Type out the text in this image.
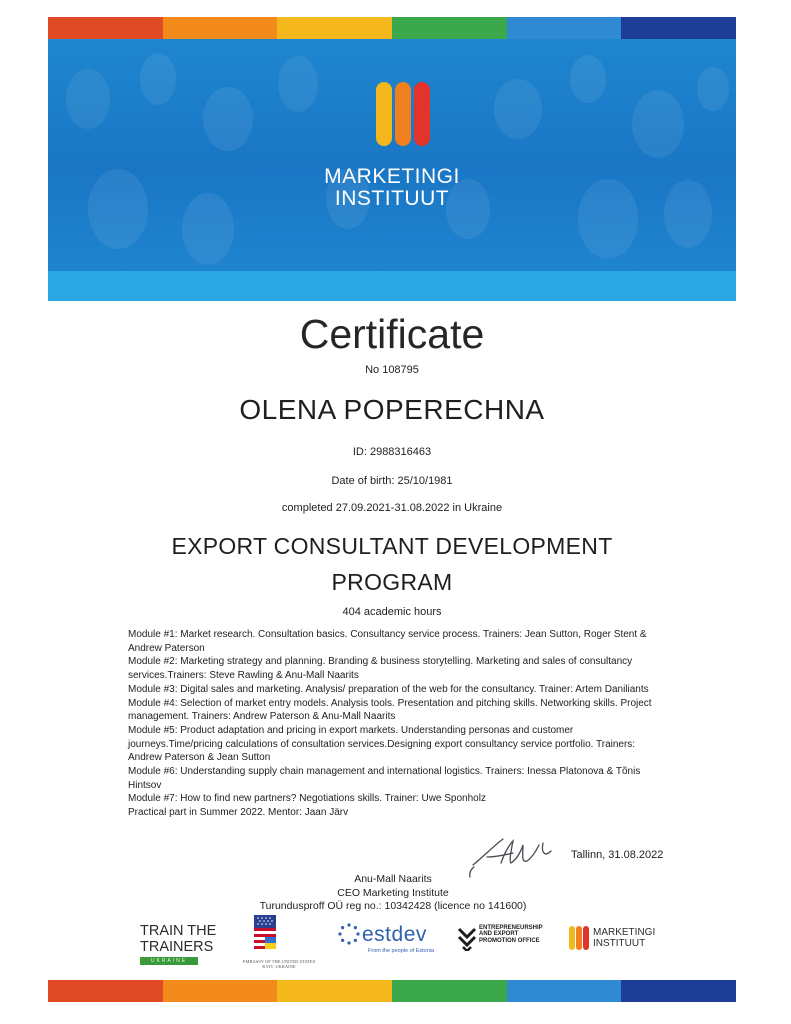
MARKETINGI
INSTITUUT
Certificate
No 108795
OLENA POPERECHNA
ID: 2988316463
Date of birth: 25/10/1981
completed 27.09.2021-31.08.2022 in Ukraine
EXPORT CONSULTANT DEVELOPMENT
PROGRAM
404 academic hours
Module #1: Market research. Consultation basics. Consultancy service process. Trainers: Jean Sutton, Roger Stent & Andrew Paterson
Module #2: Marketing strategy and planning. Branding & business storytelling. Marketing and sales of consultancy services.Trainers: Steve Rawling & Anu-Mall Naarits
Module #3: Digital sales and marketing. Analysis/ preparation of the web for the consultancy. Trainer: Artem Daniliants
Module #4: Selection of market entry models. Analysis tools. Presentation and pitching skills. Networking skills. Project management. Trainers: Andrew Paterson & Anu-Mall Naarits
Module #5: Product adaptation and pricing in export markets. Understanding personas and customer journeys.Time/pricing calculations of consultation services.Designing export consultancy service portfolio. Trainers: Andrew Paterson & Jean Sutton
Module #6: Understanding supply chain management and international logistics. Trainers: Inessa Platonova & Tõnis Hintsov
Module #7: How to find new partners? Negotiations skills. Trainer: Uwe Sponholz
Practical part in Summer 2022. Mentor: Jaan Järv
Tallinn, 31.08.2022
Anu-Mall Naarits
CEO Marketing Institute
Turundusproff OÜ reg no.: 10342428 (licence no 141600)
TRAIN THE
TRAINERS
UKRAINE	EMBASSY OF THE UNITED STATES
KYIV, UKRAINE
estdev
From the people of Estonia
ENTREPRENEURSHIP
AND EXPORT
PROMOTION OFFICE
MARKETINGI
INSTITUUT
